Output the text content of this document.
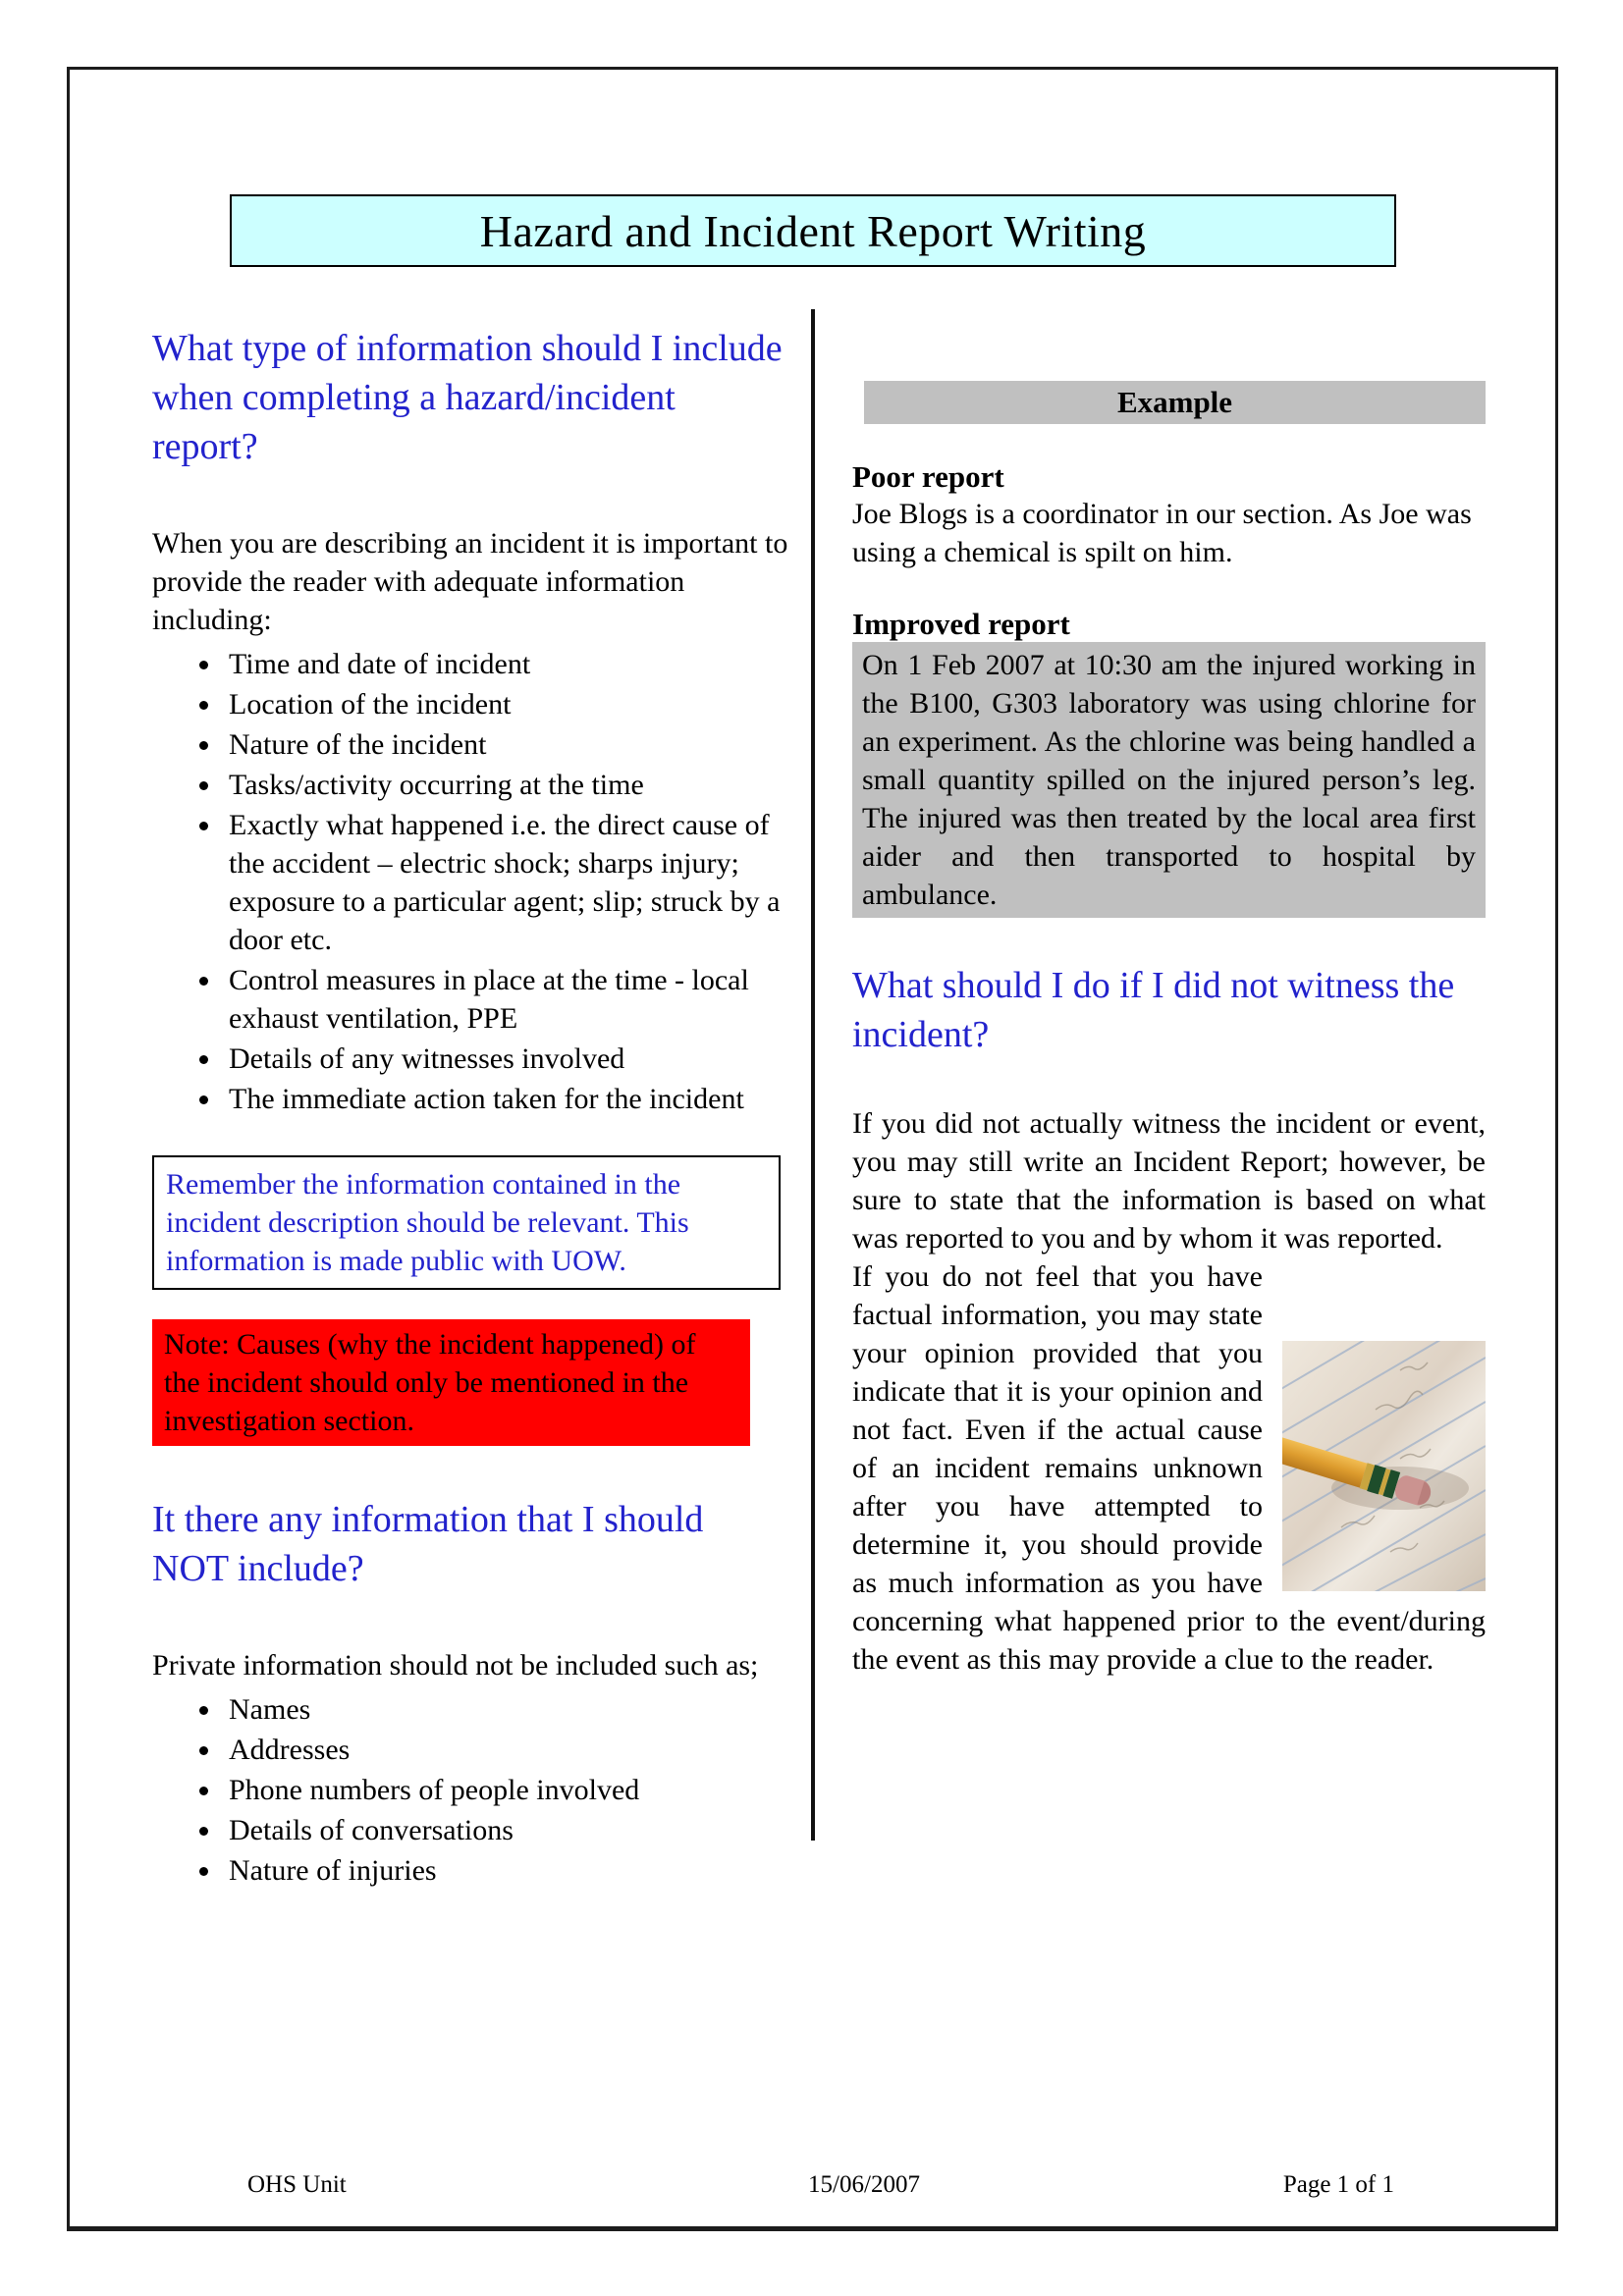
Hazard and Incident Report Writing
What type of information should I include when completing a hazard/incident report?

When you are describing an incident it is important to provide the reader with adequate information including:

• Time and date of incident
• Location of the incident
• Nature of the incident
• Tasks/activity occurring at the time
• Exactly what happened i.e. the direct cause of the accident – electric shock; sharps injury; exposure to a particular agent; slip; struck by a door etc.
• Control measures in place at the time - local exhaust ventilation, PPE
• Details of any witnesses involved
• The immediate action taken for the incident
Remember the information contained in the incident description should be relevant. This information is made public with UOW.
Note: Causes (why the incident happened) of the incident should only be mentioned in the investigation section.
It there any information that I should NOT include?

Private information should not be included such as;

• Names
• Addresses
• Phone numbers of people involved
• Details of conversations
• Nature of injuries
Example

Poor report

Joe Blogs is a coordinator in our section. As Joe was using a chemical is spilt on him.

Improved report

On 1 Feb 2007 at 10:30 am the injured working in the B100, G303 laboratory was using chlorine for an experiment. As the chlorine was being handled a small quantity spilled on the injured person’s leg. The injured was then treated by the local area first aider and then transported to hospital by ambulance.

What should I do if I did not witness the incident?

If you did not actually witness the incident or event, you may still write an Incident Report; however, be sure to state that the information is based on what was reported to you and by whom it was reported.

If you do not feel that you have factual information, you may state your opinion provided that you indicate that it is your opinion and not fact. Even if the actual cause of an incident remains unknown after you have attempted to determine it, you should provide as much information as you have concerning what happened prior to the event/during the event as this may provide a clue to the reader.

OHS Unit	15/06/2007	Page 1 of 1
